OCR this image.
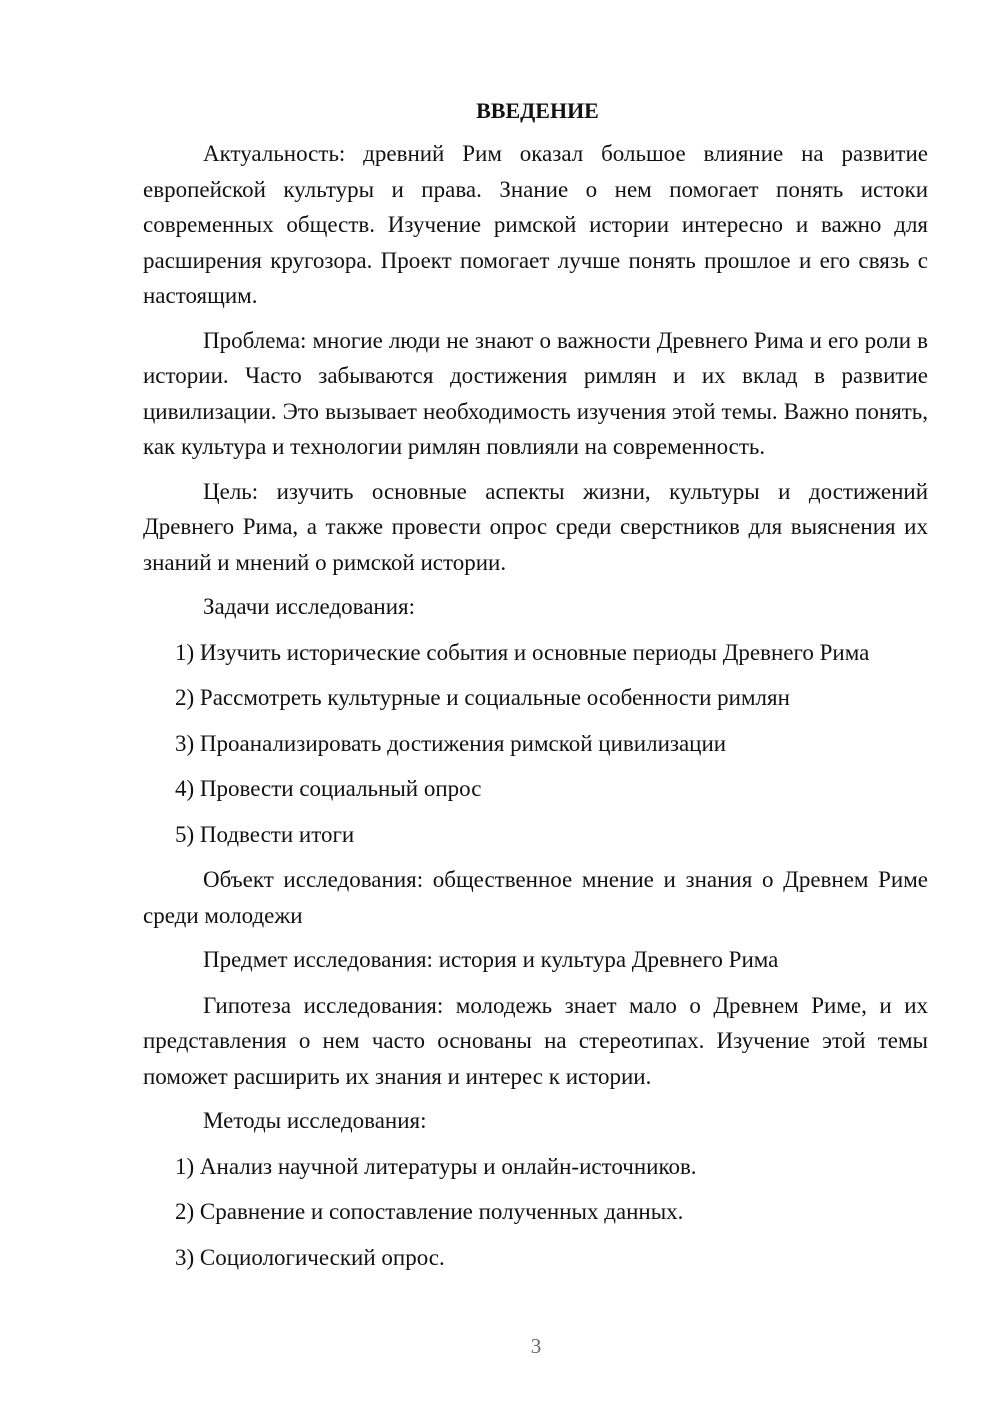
ВВЕДЕНИЕ

Актуальность: древний Рим оказал большое влияние на развитие европейской культуры и права. Знание о нем помогает понять истоки современных обществ. Изучение римской истории интересно и важно для расширения кругозора. Проект помогает лучше понять прошлое и его связь с настоящим.

Проблема: многие люди не знают о важности Древнего Рима и его роли в истории. Часто забываются достижения римлян и их вклад в развитие цивилизации. Это вызывает необходимость изучения этой темы. Важно понять, как культура и технологии римлян повлияли на современность.

Цель: изучить основные аспекты жизни, культуры и достижений Древнего Рима, а также провести опрос среди сверстников для выяснения их знаний и мнений о римской истории.

Задачи исследования:

1) Изучить исторические события и основные периоды Древнего Рима

2) Рассмотреть культурные и социальные особенности римлян

3) Проанализировать достижения римской цивилизации

4) Провести социальный опрос

5) Подвести итоги

Объект исследования: общественное мнение и знания о Древнем Риме среди молодежи

Предмет исследования: история и культура Древнего Рима

Гипотеза исследования: молодежь знает мало о Древнем Риме, и их представления о нем часто основаны на стереотипах. Изучение этой темы поможет расширить их знания и интерес к истории.

Методы исследования:

1) Анализ научной литературы и онлайн-источников.

2) Сравнение и сопоставление полученных данных.

3) Социологический опрос.

3
